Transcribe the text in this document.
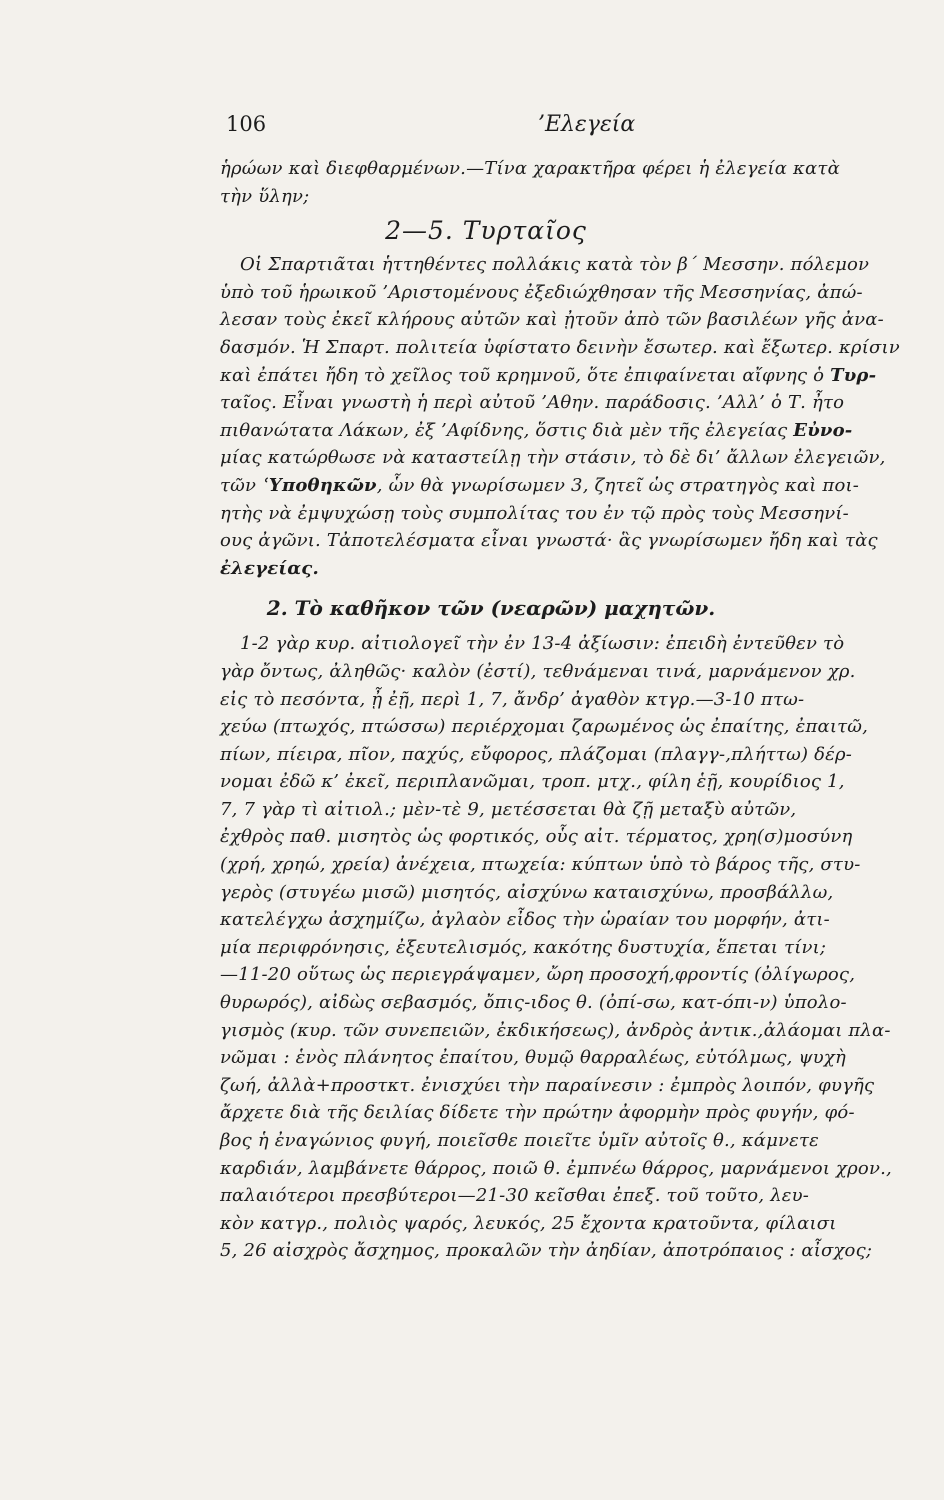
106	’Ελεγεία
ἡρώων καὶ διεφθαρμένων.—Τίνα χαρακτῆρα φέρει ἡ ἐλεγεία κατὰ
τὴν ὕλην;
2—5. Τυρταῖος
Οἱ Σπαρτιᾶται ἡττηθέντες πολλάκις κατὰ τὸν β΄ Μεσσην. πόλεμον
ὑπὸ τοῦ ἡρωικοῦ ’Αριστομένους ἐξεδιώχθησαν τῆς Μεσσηνίας, ἀπώ-
λεσαν τοὺς ἐκεῖ κλήρους αὐτῶν καὶ ᾐτοῦν ἀπὸ τῶν βασιλέων γῆς ἀνα-
δασμόν. Ἡ Σπαρτ. πολιτεία ὑφίστατο δεινὴν ἔσωτερ. καὶ ἔξωτερ. κρίσιν
καὶ ἐπάτει ἤδη τὸ χεῖλος τοῦ κρημνοῦ, ὅτε ἐπιφαίνεται αἴφνης ὁ Τυρ-
ταῖος. Εἶναι γνωστὴ ἡ περὶ αὐτοῦ ’Αθην. παράδοσις. ’Αλλ’ ὁ Τ. ἦτο
πιθανώτατα Λάκων, ἐξ ’Αφίδνης, ὅστις διὰ μὲν τῆς ἐλεγείας Εὐνο-
μίας κατώρθωσε νὰ καταστείλῃ τὴν στάσιν, τὸ δὲ δι’ ἄλλων ἐλεγειῶν,
τῶν ʿΥποθηκῶν, ὧν θὰ γνωρίσωμεν 3, ζητεῖ ὡς στρατηγὸς καὶ ποι-
ητὴς νὰ ἐμψυχώσῃ τοὺς συμπολίτας του ἐν τῷ πρὸς τοὺς Μεσσηνί-
ους ἀγῶνι. Τἀποτελέσματα εἶναι γνωστά· ἃς γνωρίσωμεν ἤδη καὶ τὰς
ἐλεγείας.
2. Τὸ καθῆκον τῶν (νεαρῶν) μαχητῶν.
1-2 γὰρ κυρ. αἰτιολογεῖ τὴν ἐν 13-4 ἀξίωσιν: ἐπειδὴ ἐντεῦθεν τὸ
γὰρ ὄντως, ἀληθῶς· καλὸν (ἐστί), τεθνάμεναι τινά, μαρνάμενον χρ.
εἰς τὸ πεσόντα, ᾖ ἐῇ, περὶ 1, 7, ἄνδρ’ ἀγαθὸν κτγρ.—3-10 πτω-
χεύω (πτωχός, πτώσσω) περιέρχομαι ζαρωμένος ὡς ἐπαίτης, ἐπαιτῶ,
πίων, πίειρα, πῖον, παχύς, εὔφορος, πλάζομαι (πλαγγ-,πλήττω) δέρ-
νομαι ἐδῶ κ’ ἐκεῖ, περιπλανῶμαι, τροπ. μτχ., φίλη ἑῇ, κουρίδιος 1,
7, 7 γὰρ τὶ αἰτιολ.; μὲν-τὲ 9, μετέσσεται θὰ ζῇ μεταξὺ αὐτῶν,
ἐχθρὸς παθ. μισητὸς ὡς φορτικός, οὗς αἰτ. τέρματος, χρη(σ)μοσύνη
(χρή, χρηώ, χρεία) ἀνέχεια, πτωχεία: κύπτων ὑπὸ τὸ βάρος τῆς, στυ-
γερὸς (στυγέω μισῶ) μισητός, αἰσχύνω καταισχύνω, προσβάλλω,
κατελέγχω ἀσχημίζω, ἀγλαὸν εἶδος τὴν ὡραίαν του μορφήν, ἀτι-
μία περιφρόνησις, ἐξευτελισμός, κακότης δυστυχία, ἕπεται τίνι;
—11-20 οὕτως ὡς περιεγράψαμεν, ὤρη προσοχή,φροντίς (ὀλίγωρος,
θυρωρός), αἰδὼς σεβασμός, ὄπις-ιδος θ. (ὀπί-σω, κατ-όπι-ν) ὑπολο-
γισμὸς (κυρ. τῶν συνεπειῶν, ἐκδικήσεως), ἀνδρὸς ἀντικ.,ἀλάομαι πλα-
νῶμαι : ἑνὸς πλάνητος ἐπαίτου, θυμῷ θαρραλέως, εὐτόλμως, ψυχὴ
ζωή, ἀλλὰ+προστκτ. ἐνισχύει τὴν παραίνεσιν : ἐμπρὸς λοιπόν, φυγῆς
ἄρχετε διὰ τῆς δειλίας δίδετε τὴν πρώτην ἀφορμὴν πρὸς φυγήν, φό-
βος ἡ ἐναγώνιος φυγή, ποιεῖσθε ποιεῖτε ὑμῖν αὐτοῖς θ., κάμνετε
καρδιάν, λαμβάνετε θάρρος, ποιῶ θ. ἐμπνέω θάρρος, μαρνάμενοι χρον.,
παλαιότεροι πρεσβύτεροι—21-30 κεῖσθαι ἐπεξ. τοῦ τοῦτο, λευ-
κὸν κατγρ., πολιὸς ψαρός, λευκός, 25 ἔχοντα κρατοῦντα, φίλαισι
5, 26 αἰσχρὸς ἄσχημος, προκαλῶν τὴν ἀηδίαν, ἀποτρόπαιος : αἶσχος;
